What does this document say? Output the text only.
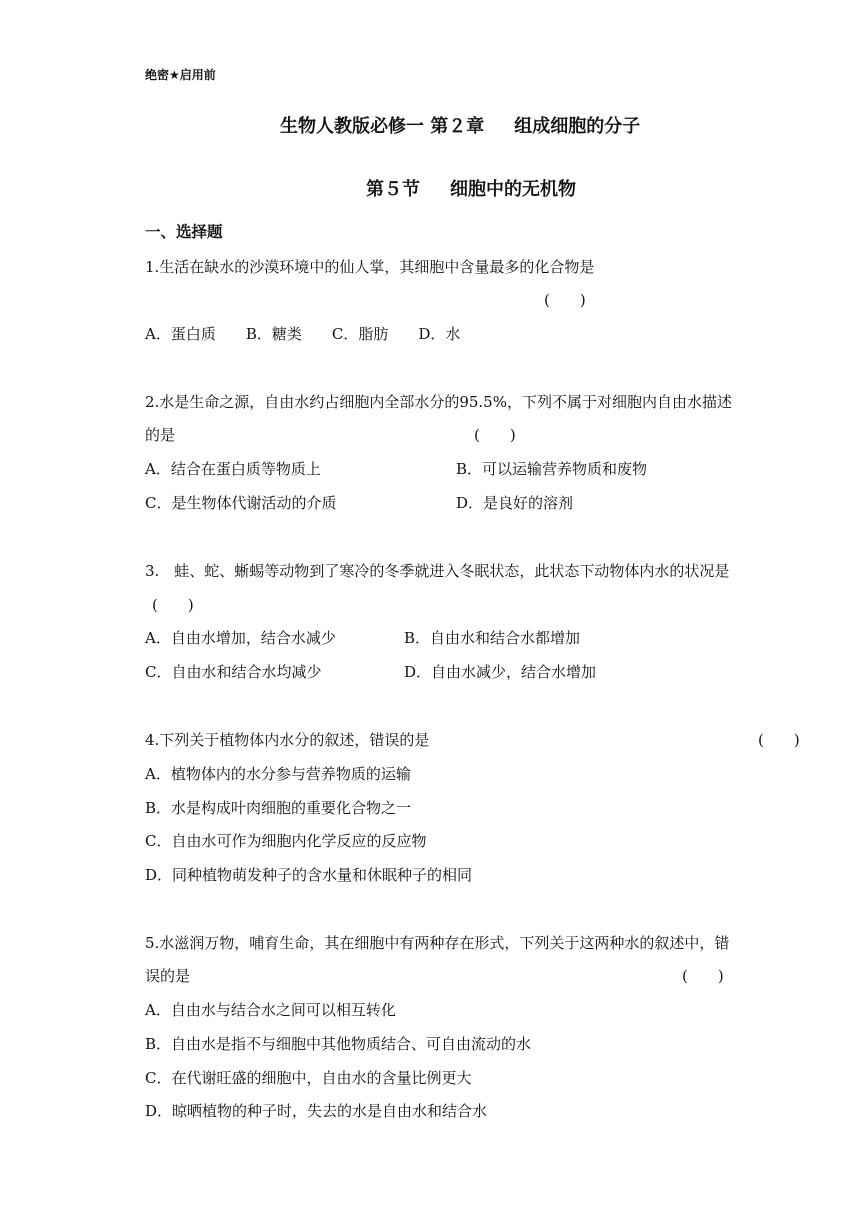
绝密★启用前
生物人教版必修一 第２章 组成细胞的分子
第５节 细胞中的无机物
一、选择题
1.生活在缺水的沙漠环境中的仙人掌，其细胞中含量最多的化合物是
(　　)
A．蛋白质　　B．糖类　　C．脂肪　　D．水
2.水是生命之源，自由水约占细胞内全部水分的95.5%，下列不属于对细胞内自由水描述
的是	(　　)
A．结合在蛋白质等物质上	B．可以运输营养物质和废物
C．是生物体代谢活动的介质	D．是良好的溶剂
3.　蛙、蛇、蜥蜴等动物到了寒冷的冬季就进入冬眠状态，此状态下动物体内水的状况是
(　　)
A．自由水增加，结合水减少	B．自由水和结合水都增加
C．自由水和结合水均减少	D．自由水减少，结合水增加
4.下列关于植物体内水分的叙述，错误的是	(　　)
A．植物体内的水分参与营养物质的运输
B．水是构成叶肉细胞的重要化合物之一
C．自由水可作为细胞内化学反应的反应物
D．同种植物萌发种子的含水量和休眠种子的相同
5.水滋润万物，哺育生命，其在细胞中有两种存在形式，下列关于这两种水的叙述中，错
误的是	(　　)
A．自由水与结合水之间可以相互转化
B．自由水是指不与细胞中其他物质结合、可自由流动的水
C．在代谢旺盛的细胞中，自由水的含量比例更大
D．晾晒植物的种子时，失去的水是自由水和结合水
